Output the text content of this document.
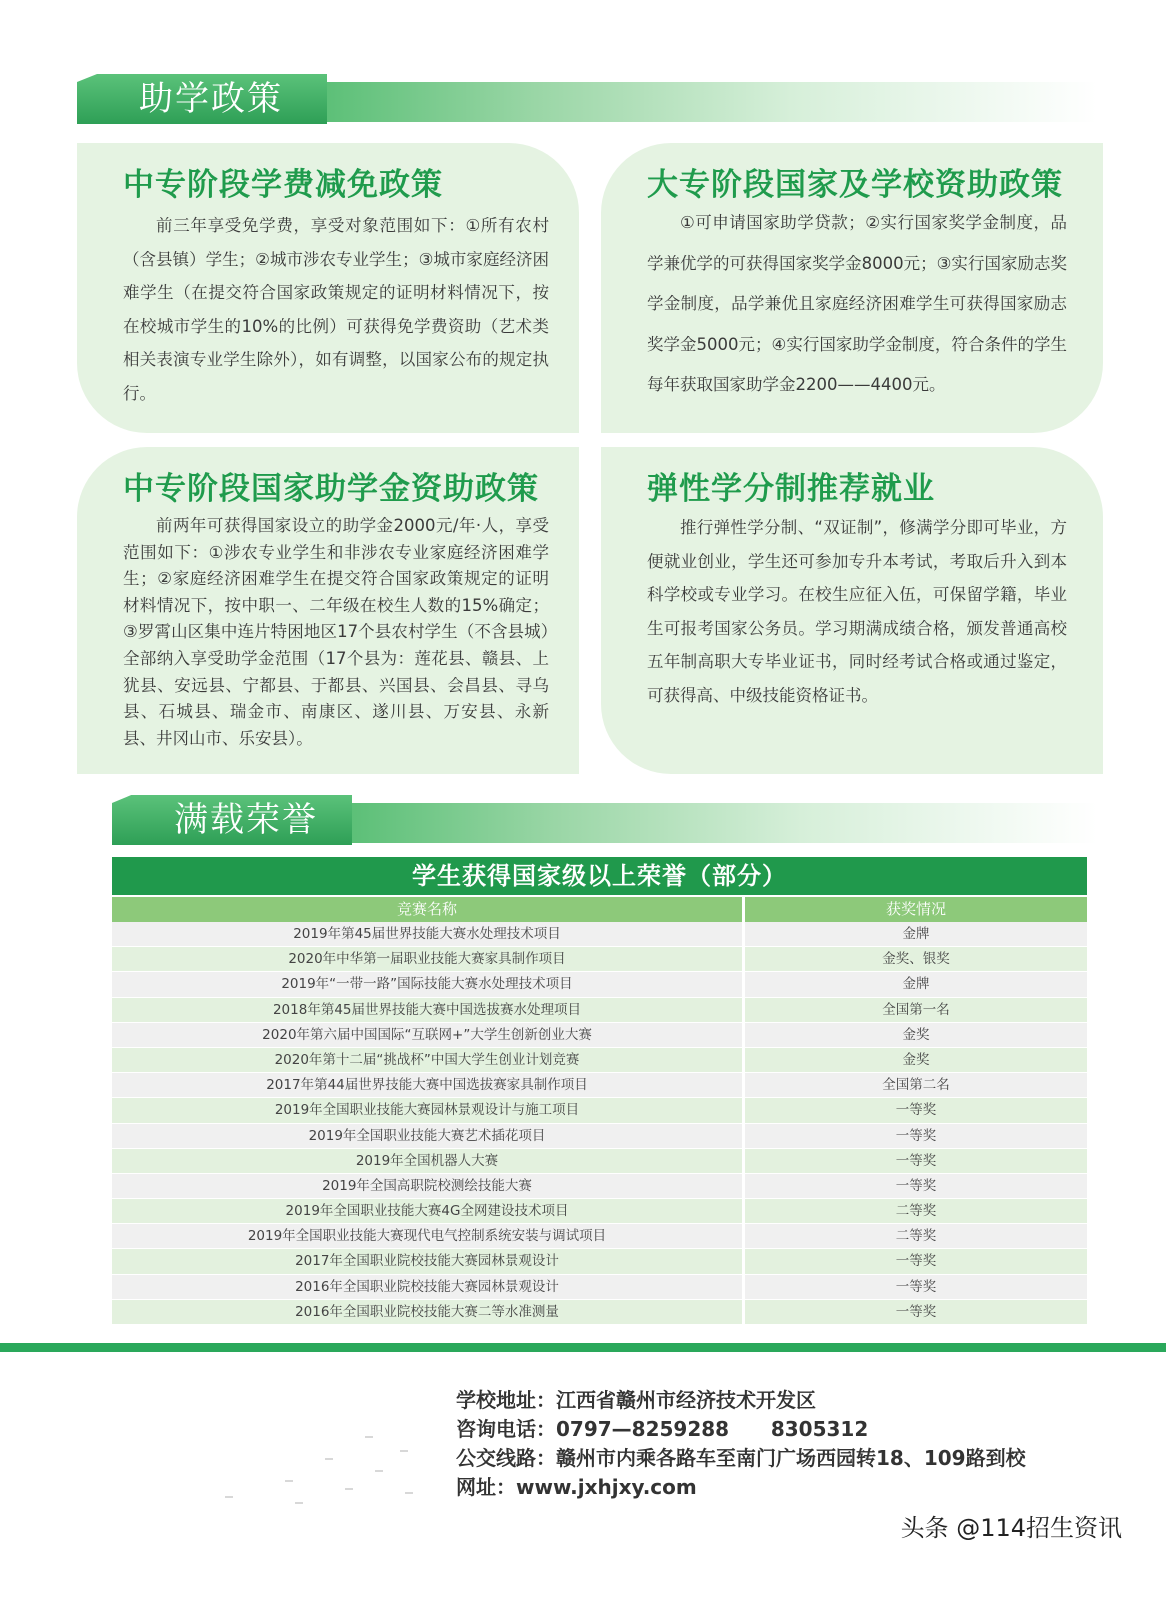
助学政策
中专阶段学费减免政策

前三年享受免学费，享受对象范围如下：①所有农村（含县镇）学生；②城市涉农专业学生；③城市家庭经济困难学生（在提交符合国家政策规定的证明材料情况下，按在校城市学生的10%的比例）可获得免学费资助（艺术类相关表演专业学生除外），如有调整，以国家公布的规定执行。

大专阶段国家及学校资助政策

①可申请国家助学贷款；②实行国家奖学金制度，品学兼优学的可获得国家奖学金8000元；③实行国家励志奖学金制度，品学兼优且家庭经济困难学生可获得国家励志奖学金5000元；④实行国家助学金制度，符合条件的学生每年获取国家助学金2200——4400元。

中专阶段国家助学金资助政策

前两年可获得国家设立的助学金2000元/年·人，享受范围如下：①涉农专业学生和非涉农专业家庭经济困难学生；②家庭经济困难学生在提交符合国家政策规定的证明材料情况下，按中职一、二年级在校生人数的15%确定；③罗霄山区集中连片特困地区17个县农村学生（不含县城）全部纳入享受助学金范围（17个县为：莲花县、赣县、上犹县、安远县、宁都县、于都县、兴国县、会昌县、寻乌县、石城县、瑞金市、南康区、遂川县、万安县、永新县、井冈山市、乐安县）。

弹性学分制推荐就业

推行弹性学分制、“双证制”，修满学分即可毕业，方便就业创业，学生还可参加专升本考试，考取后升入到本科学校或专业学习。在校生应征入伍，可保留学籍，毕业生可报考国家公务员。学习期满成绩合格，颁发普通高校五年制高职大专毕业证书，同时经考试合格或通过鉴定，可获得高、中级技能资格证书。

满载荣誉
学生获得国家级以上荣誉（部分）
竞赛名称	获奖情况
2019年第45届世界技能大赛水处理技术项目	金牌
2020年中华第一届职业技能大赛家具制作项目	金奖、银奖
2019年“一带一路”国际技能大赛水处理技术项目	金牌
2018年第45届世界技能大赛中国选拔赛水处理项目	全国第一名
2020年第六届中国国际“互联网+”大学生创新创业大赛	金奖
2020年第十二届“挑战杯”中国大学生创业计划竞赛	金奖
2017年第44届世界技能大赛中国选拔赛家具制作项目	全国第二名
2019年全国职业技能大赛园林景观设计与施工项目	一等奖
2019年全国职业技能大赛艺术插花项目	一等奖
2019年全国机器人大赛	一等奖
2019年全国高职院校测绘技能大赛	一等奖
2019年全国职业技能大赛4G全网建设技术项目	二等奖
2019年全国职业技能大赛现代电气控制系统安装与调试项目	二等奖
2017年全国职业院校技能大赛园林景观设计	一等奖
2016年全国职业院校技能大赛园林景观设计	一等奖
2016年全国职业院校技能大赛二等水准测量	一等奖
学校地址：江西省赣州市经济技术开发区
咨询电话：0797—8259288      8305312
公交线路：赣州市内乘各路车至南门广场西园转18、109路到校
网址：www.jxhjxy.com
头条 @114招生资讯
